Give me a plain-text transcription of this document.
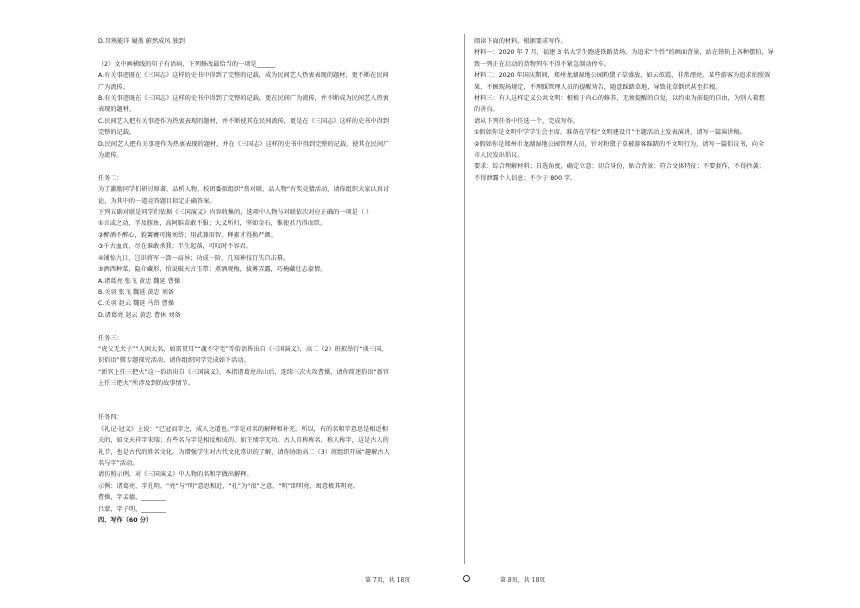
D.耳熟能详 履盖 蔚然成风 独到
（2）文中画横线的句子有语病，下列修改最恰当的一项是______
A.有关事迹既在《三国志》这样的史书中得到了完整的记载，成为民间艺人热衷表现的题材，更不断在民间
广为流传。
B.有关事迹既在《三国志》这样的史书中得到了完整的记载，更在民间广为流传，并不断成为民间艺人热衷
表现的题材。
C.民间艺人把有关事迹作为热衷表现的题材，并不断使其在民间流传，更是在《三国志》这样的史书中得到
完整的记载。
D.民间艺人把有关事迹作为热衷表现的题材，并在《三国志》这样的史书中得到完整的记载，使其在民间广
为流传。
任务二：
为了激励同学们研讨原著、品析人物，校团委拟组织“赏对联、品人物”有奖竞猜活动，请你组织大家认真讨
论，为其中的一道竞答题目拟定正确答案。
下列五副对联是同学们依据《三国演义》内容收集的，选项中人物与对联依次对应正确的一项是（ ）
①言或之动，孚及豚鱼，高阿膑苗敢不服；大义所归，坚如金石，惟使君乃得而臣。
②醉酒不醉心，貌篝賽可掬刘岱；用武兼用智，释素才得换严颜。
③千古血真，尽在谁敢杀我；半生起落，可叹时不容君。
④铺惊九日，岂识将军一箭一肩异；功成一阶，几知神技百失百击幕。
⑤洒西种菜，隐介藏形，怕说破天言玉带；煮酒观梅，拔雾弄露，巧掩藏壮志豪情。
A.诸葛亮 张飞 黄忠 魏延 曹操
B.关羽 张飞 魏延 黄忠 刘备
C.关羽 赵云 魏延 马岱 曹操
D.诸葛亮 赵云 黄忠 曹休 刘备
任务三：
“虎父无犬子”“人困大名，如雷贯耳”“魂不守宅”等俗语皆出自《三国演义》，高二（2）班拟举行“谈三国、
识俗语”微专题探究活动，请你组织同学完成如下活动。
“新官上任三把火”这一俗语出自《三国演义》，本指诸葛亮出山后，连续三次火攻曹操，请你简述俗语“新官
上任三把火”所涉及到的故事情节。
任务四：
《礼记·冠义》上说：“已冠而字之，成人之道也。”字是对名的解释和补充。所以，有的名和字意思是相近相
关的，如文天祥字宋瑞；有些名与字是相反相成的，如王绩字无功。古人自称称名，称人称字，这是古人的
礼节，也是古代的姓名文化。为增强学生对古代文化常识的了解，请你协助高二（3）班组织开展“趣解古人
名与字”活动。
请仿照示例，对《三国演义》中人物的名和字做出解释。
示例：诸葛亮，字孔明。“亮”与“明”意思相近，“孔”为“很”之意，“明”即明亮，寓意极其明亮。
曹操，字孟德，________
吕蒙，字子明，________
四、写作（60 分）
阅读下面的材料，根据要求写作。
材料一：2020 年 7 月，福建 3 名大学生跑进铁路货场，为追求“个性”的画面背景，站在铁轨上各种摆拍，导
致一列正在启动的货物列车不得不紧急制动停车。
材料二：2020 年国庆期间，郑州龙湖湿地公园粉黛子草盛放，如云似霞，非常漂亮。某些游客为追求拍照效
果，不顾现场规定，不理睬管理人员的提醒劝告，随意踩踏草地，导致花草倒伏甚至拦根。
材料三：有人这样定义公共文明：根植于内心的修养，无须提醒的自觉，以约束为前提的自由，为别人着想
的善良。
请从下列任务中任选一个，完成写作。
①假如你是文明中学学生会主席，准备在学校“文明建设月”主题活动上发表演讲，请写一篇演讲稿。
②假如你是郑州市龙湖湿地公园管理人员，针对粉黛子草被游客踩踏的不文明行为，请写一篇倡议书，向全
市人民发出倡议。
要求：综合理解材料；自选角度，确定立意；切合身份，贴合背景；符合文体特征；不要套作，不得抄袭；
不得泄露个人信息；不少于 800 字。
第 7页，共 18页	第 8页，共 18页
